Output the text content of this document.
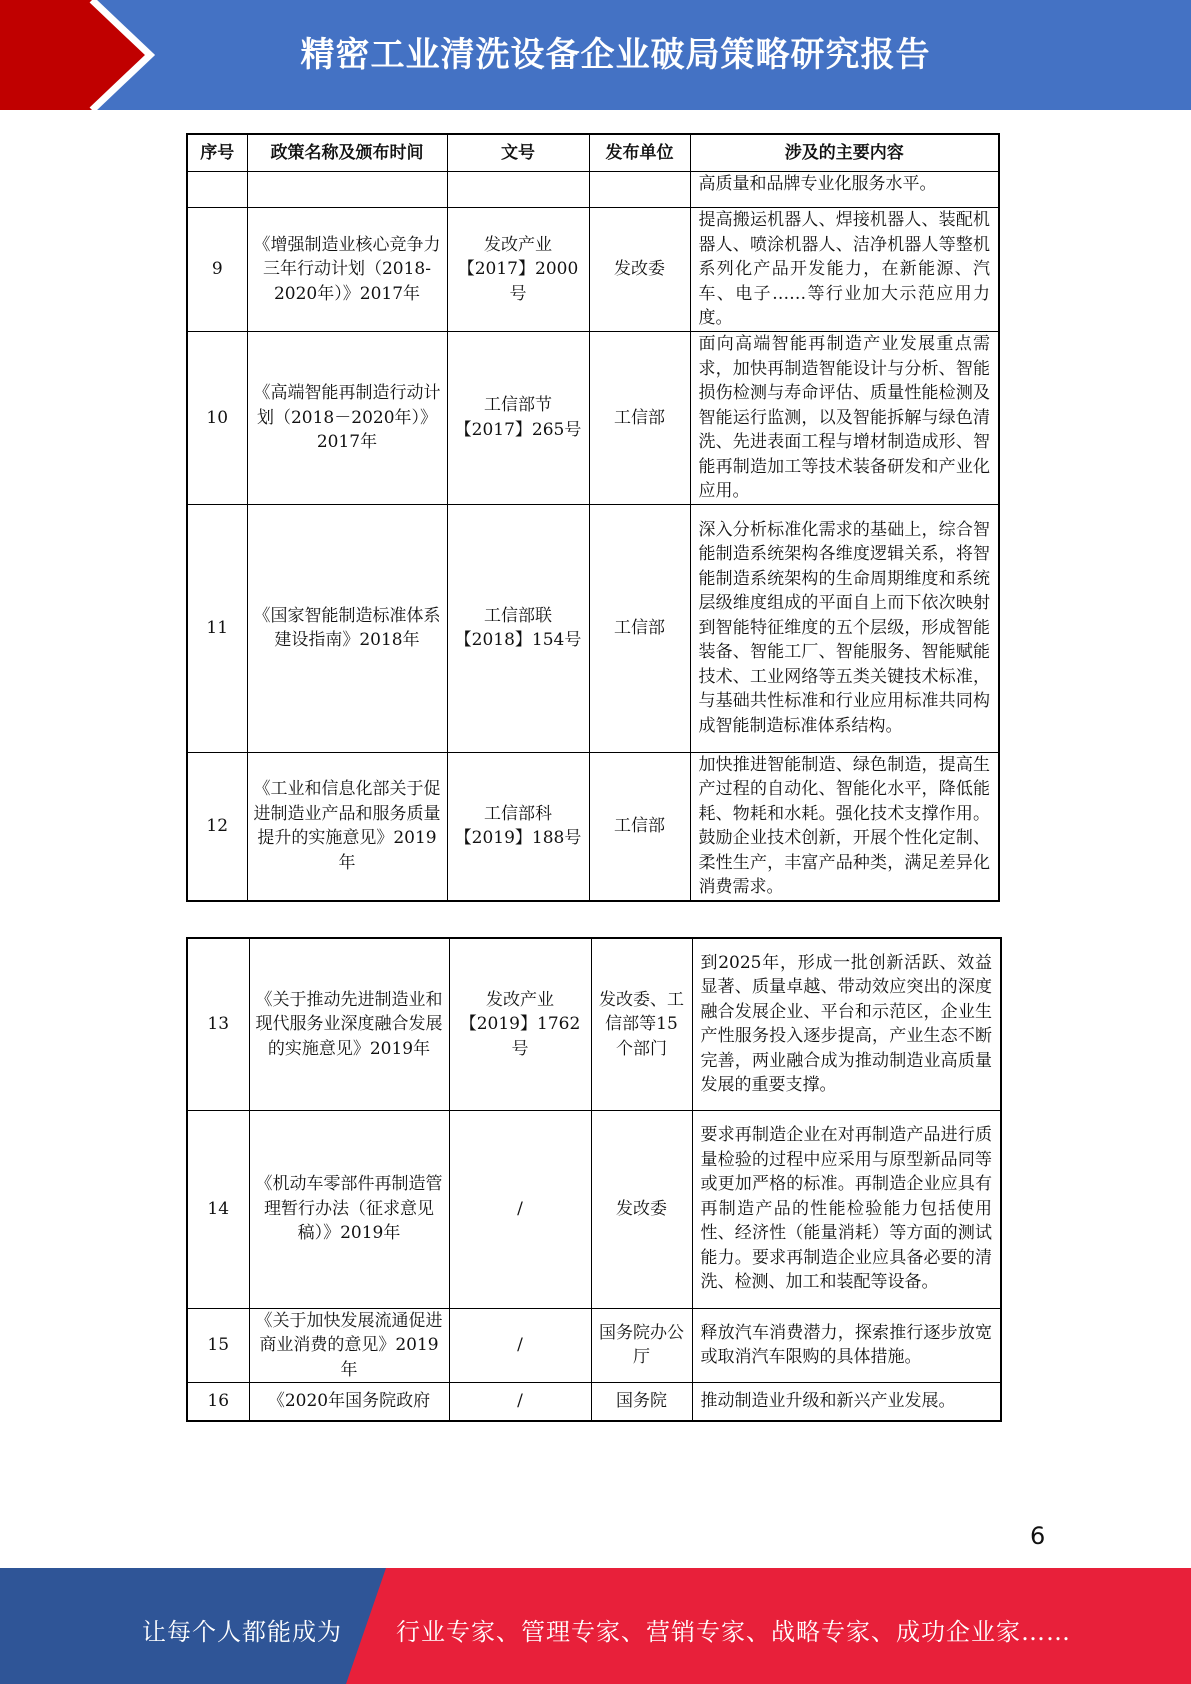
精密工业清洗设备企业破局策略研究报告
序号	政策名称及颁布时间	文号	发布单位	涉及的主要内容
				高质量和品牌专业化服务水平。
9	《增强制造业核心竞争力三年行动计划（2018-2020年）》2017年	发改产业【2017】2000号	发改委	提高搬运机器人、焊接机器人、装配机器人、喷涂机器人、洁净机器人等整机系列化产品开发能力，在新能源、汽车、电子……等行业加大示范应用力度。
10	《高端智能再制造行动计划（2018－2020年）》2017年	工信部节【2017】265号	工信部	面向高端智能再制造产业发展重点需求，加快再制造智能设计与分析、智能损伤检测与寿命评估、质量性能检测及智能运行监测，以及智能拆解与绿色清洗、先进表面工程与增材制造成形、智能再制造加工等技术装备研发和产业化应用。
11	《国家智能制造标准体系建设指南》2018年	工信部联【2018】154号	工信部	深入分析标准化需求的基础上，综合智能制造系统架构各维度逻辑关系，将智能制造系统架构的生命周期维度和系统层级维度组成的平面自上而下依次映射到智能特征维度的五个层级，形成智能装备、智能工厂、智能服务、智能赋能技术、工业网络等五类关键技术标准，与基础共性标准和行业应用标准共同构成智能制造标准体系结构。
12	《工业和信息化部关于促进制造业产品和服务质量提升的实施意见》2019年	工信部科【2019】188号	工信部	加快推进智能制造、绿色制造，提高生产过程的自动化、智能化水平，降低能耗、物耗和水耗。强化技术支撑作用。鼓励企业技术创新，开展个性化定制、柔性生产，丰富产品种类，满足差异化消费需求。
13	《关于推动先进制造业和现代服务业深度融合发展的实施意见》2019年	发改产业【2019】1762号	发改委、工信部等15个部门	到2025年，形成一批创新活跃、效益显著、质量卓越、带动效应突出的深度融合发展企业、平台和示范区，企业生产性服务投入逐步提高，产业生态不断完善，两业融合成为推动制造业高质量发展的重要支撑。
14	《机动车零部件再制造管理暂行办法（征求意见稿）》2019年	/	发改委	要求再制造企业在对再制造产品进行质量检验的过程中应采用与原型新品同等或更加严格的标准。再制造企业应具有再制造产品的性能检验能力包括使用性、经济性（能量消耗）等方面的测试能力。要求再制造企业应具备必要的清洗、检测、加工和装配等设备。
15	《关于加快发展流通促进商业消费的意见》2019年	/	国务院办公厅	释放汽车消费潜力，探索推行逐步放宽或取消汽车限购的具体措施。
16	《2020年国务院政府	/	国务院	推动制造业升级和新兴产业发展。
6
让每个人都能成为 行业专家、管理专家、营销专家、战略专家、成功企业家……
